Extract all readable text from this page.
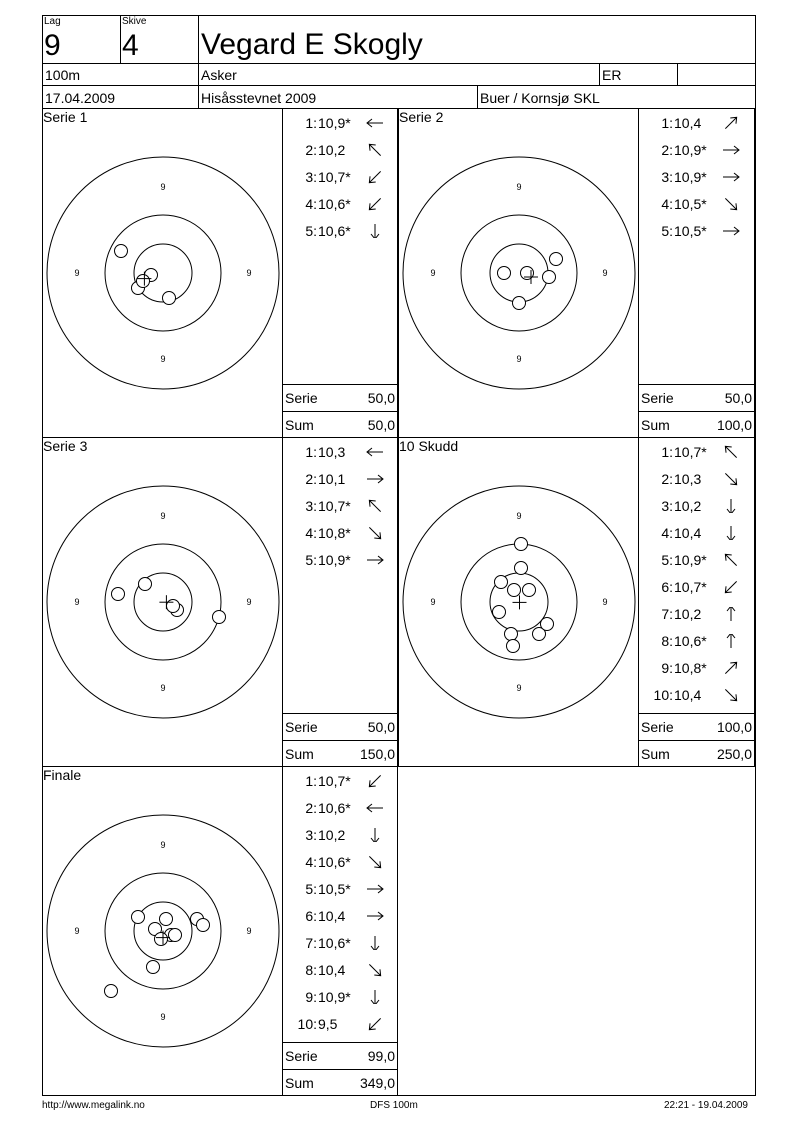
Lag
9
Skive
4 Vegard E Skogly
100m	Asker	ER
17.04.2009	Hisåsstevnet 2009	Buer / Kornsjø SKL
Serie 1
9
9
9	9
1: 10,9*
2: 10,2
3: 10,7*
4: 10,6*
5: 10,6*
Serie	50,0
Sum	50,0
Serie 2
9
9
9	9
1: 10,4
2: 10,9*
3: 10,9*
4: 10,5*
5: 10,5*
Serie	50,0
Sum	100,0
Serie 3
9
9
9	9
1: 10,3
2: 10,1
3: 10,7*
4: 10,8*
5: 10,9*
Serie	50,0
Sum	150,0
10 Skudd
9
9
9	9
1: 10,7*
2: 10,3
3: 10,2
4: 10,4
5: 10,9*
6: 10,7*
7: 10,2
8: 10,6*
9: 10,8*
10: 10,4
Serie	100,0
Sum	250,0
Finale
9
9
9	9
1: 10,7*
2: 10,6*
3: 10,2
4: 10,6*
5: 10,5*
6: 10,4
7: 10,6*
8: 10,4
9: 10,9*
10: 9,5
Serie	99,0
Sum	349,0
http://www.megalink.no	DFS 100m	22:21 - 19.04.2009
